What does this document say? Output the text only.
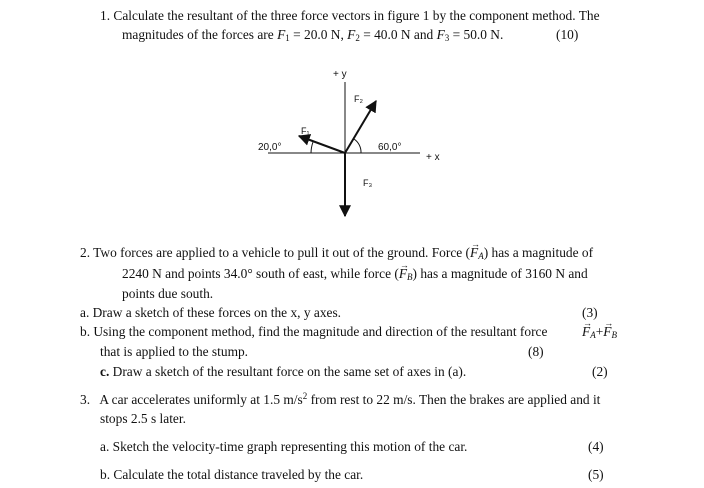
1. Calculate the resultant of the three force vectors in figure 1 by the component method. The
magnitudes of the forces are $F_1 = 20.0$ N, $F_2 = 40.0$ N and $F_3 = 50.0$ N.	(10)
+ y
+ x
F₁
F₂
F₃
20,0°	60,0°
2. Two forces are applied to a vehicle to pull it out of the ground. Force (→ $F_A$) has a magnitude of
2240 N and points 34.0° south of east, while force (→ $F_B$) has a magnitude of 3160 N and
points due south.
a. Draw a sketch of these forces on the x, y axes.	(3)
b. Using the component method, find the magnitude and direction of the resultant force
→	$F_A+\to F_B$
that is applied to the stump.	(8)
c. Draw a sketch of the resultant force on the same set of axes in (a).	(2)
3. A car accelerates uniformly at 1.5 $m/s^2$ from rest to 22 m/s. Then the brakes are applied and it
stops 2.5 s later.
a. Sketch the velocity-time graph representing this motion of the car.	(4)
b. Calculate the total distance traveled by the car.	(5)
